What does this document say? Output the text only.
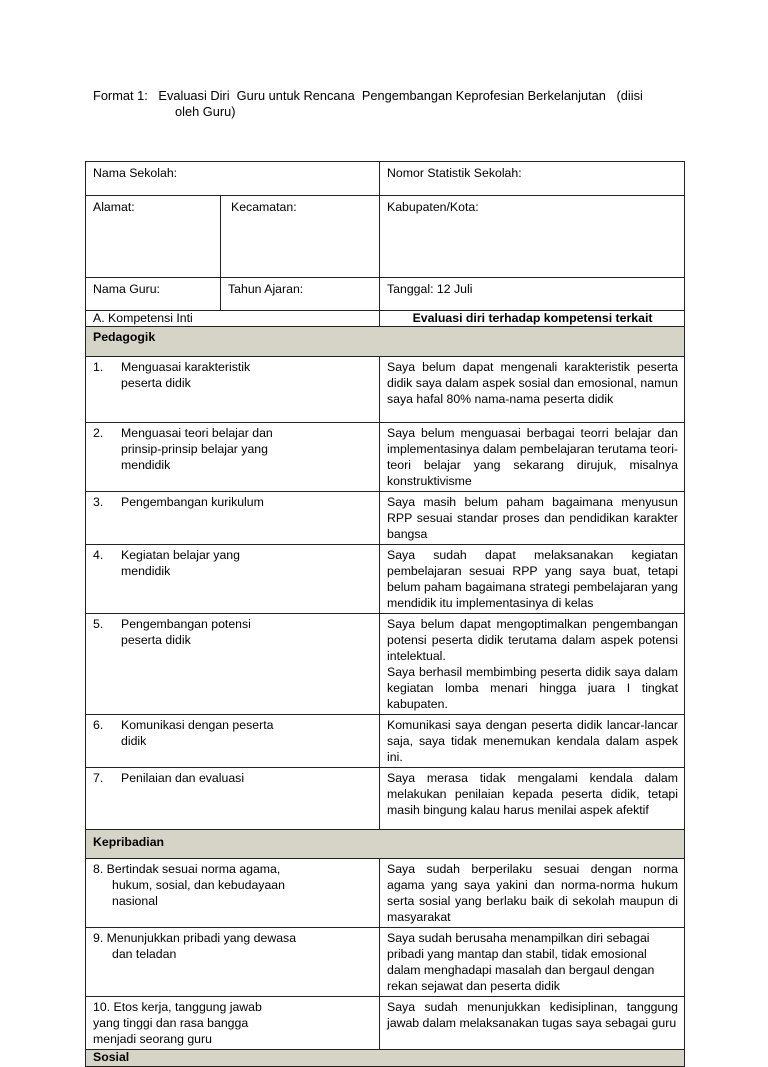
Format 1:   Evaluasi Diri  Guru untuk Rencana  Pengembangan Keprofesian Berkelanjutan   (diisi
oleh Guru)
Nama Sekolah:		Nomor Statistik Sekolah:
Alamat:	Kecamatan:	Kabupaten/Kota:
Nama Guru:	Tahun Ajaran:	Tanggal: 12 Juli
A. Kompetensi Inti		Evaluasi diri terhadap kompetensi terkait
Pedagogik		
1. Menguasai karakteristik peserta didik		Saya belum dapat mengenali karakteristik peserta didik saya dalam aspek sosial dan emosional, namun saya hafal 80% nama-nama peserta didik
2. Menguasai teori belajar dan prinsip-prinsip belajar yang mendidik		Saya belum menguasai berbagai teorri belajar dan implementasinya dalam pembelajaran terutama teori-teori belajar yang sekarang dirujuk, misalnya konstruktivisme
3. Pengembangan kurikulum		Saya masih belum paham bagaimana menyusun RPP sesuai standar proses dan pendidikan karakter bangsa
4. Kegiatan belajar yang mendidik		Saya sudah dapat melaksanakan kegiatan pembelajaran sesuai RPP yang saya buat, tetapi belum paham bagaimana strategi pembelajaran yang mendidik itu implementasinya di kelas
5. Pengembangan potensi peserta didik		Saya belum dapat mengoptimalkan pengembangan potensi peserta didik terutama dalam aspek potensi intelektual.
Saya berhasil membimbing peserta didik saya dalam kegiatan lomba menari hingga juara I tingkat kabupaten.
6. Komunikasi dengan peserta didik		Komunikasi saya dengan peserta didik lancar-lancar saja, saya tidak menemukan kendala dalam aspek ini.
7. Penilaian dan evaluasi		Saya merasa tidak mengalami kendala dalam melakukan penilaian kepada peserta didik, tetapi masih bingung kalau harus menilai aspek afektif
Kepribadian		

8. Bertindak sesuai norma agama, hukum, sosial, dan kebudayaan nasional		Saya sudah berperilaku sesuai dengan norma agama yang saya yakini dan norma-norma hukum serta sosial yang berlaku baik di sekolah maupun di masyarakat

9. Menunjukkan pribadi yang dewasa dan teladan		Saya sudah berusaha menampilkan diri sebagai pribadi yang mantap dan stabil, tidak emosional dalam menghadapi masalah dan bergaul dengan rekan sejawat dan peserta didik

10. Etos kerja, tanggung jawab yang tinggi dan rasa bangga menjadi seorang guru		Saya sudah menunjukkan kedisiplinan, tanggung jawab dalam melaksanakan tugas saya sebagai guru
Sosial		
